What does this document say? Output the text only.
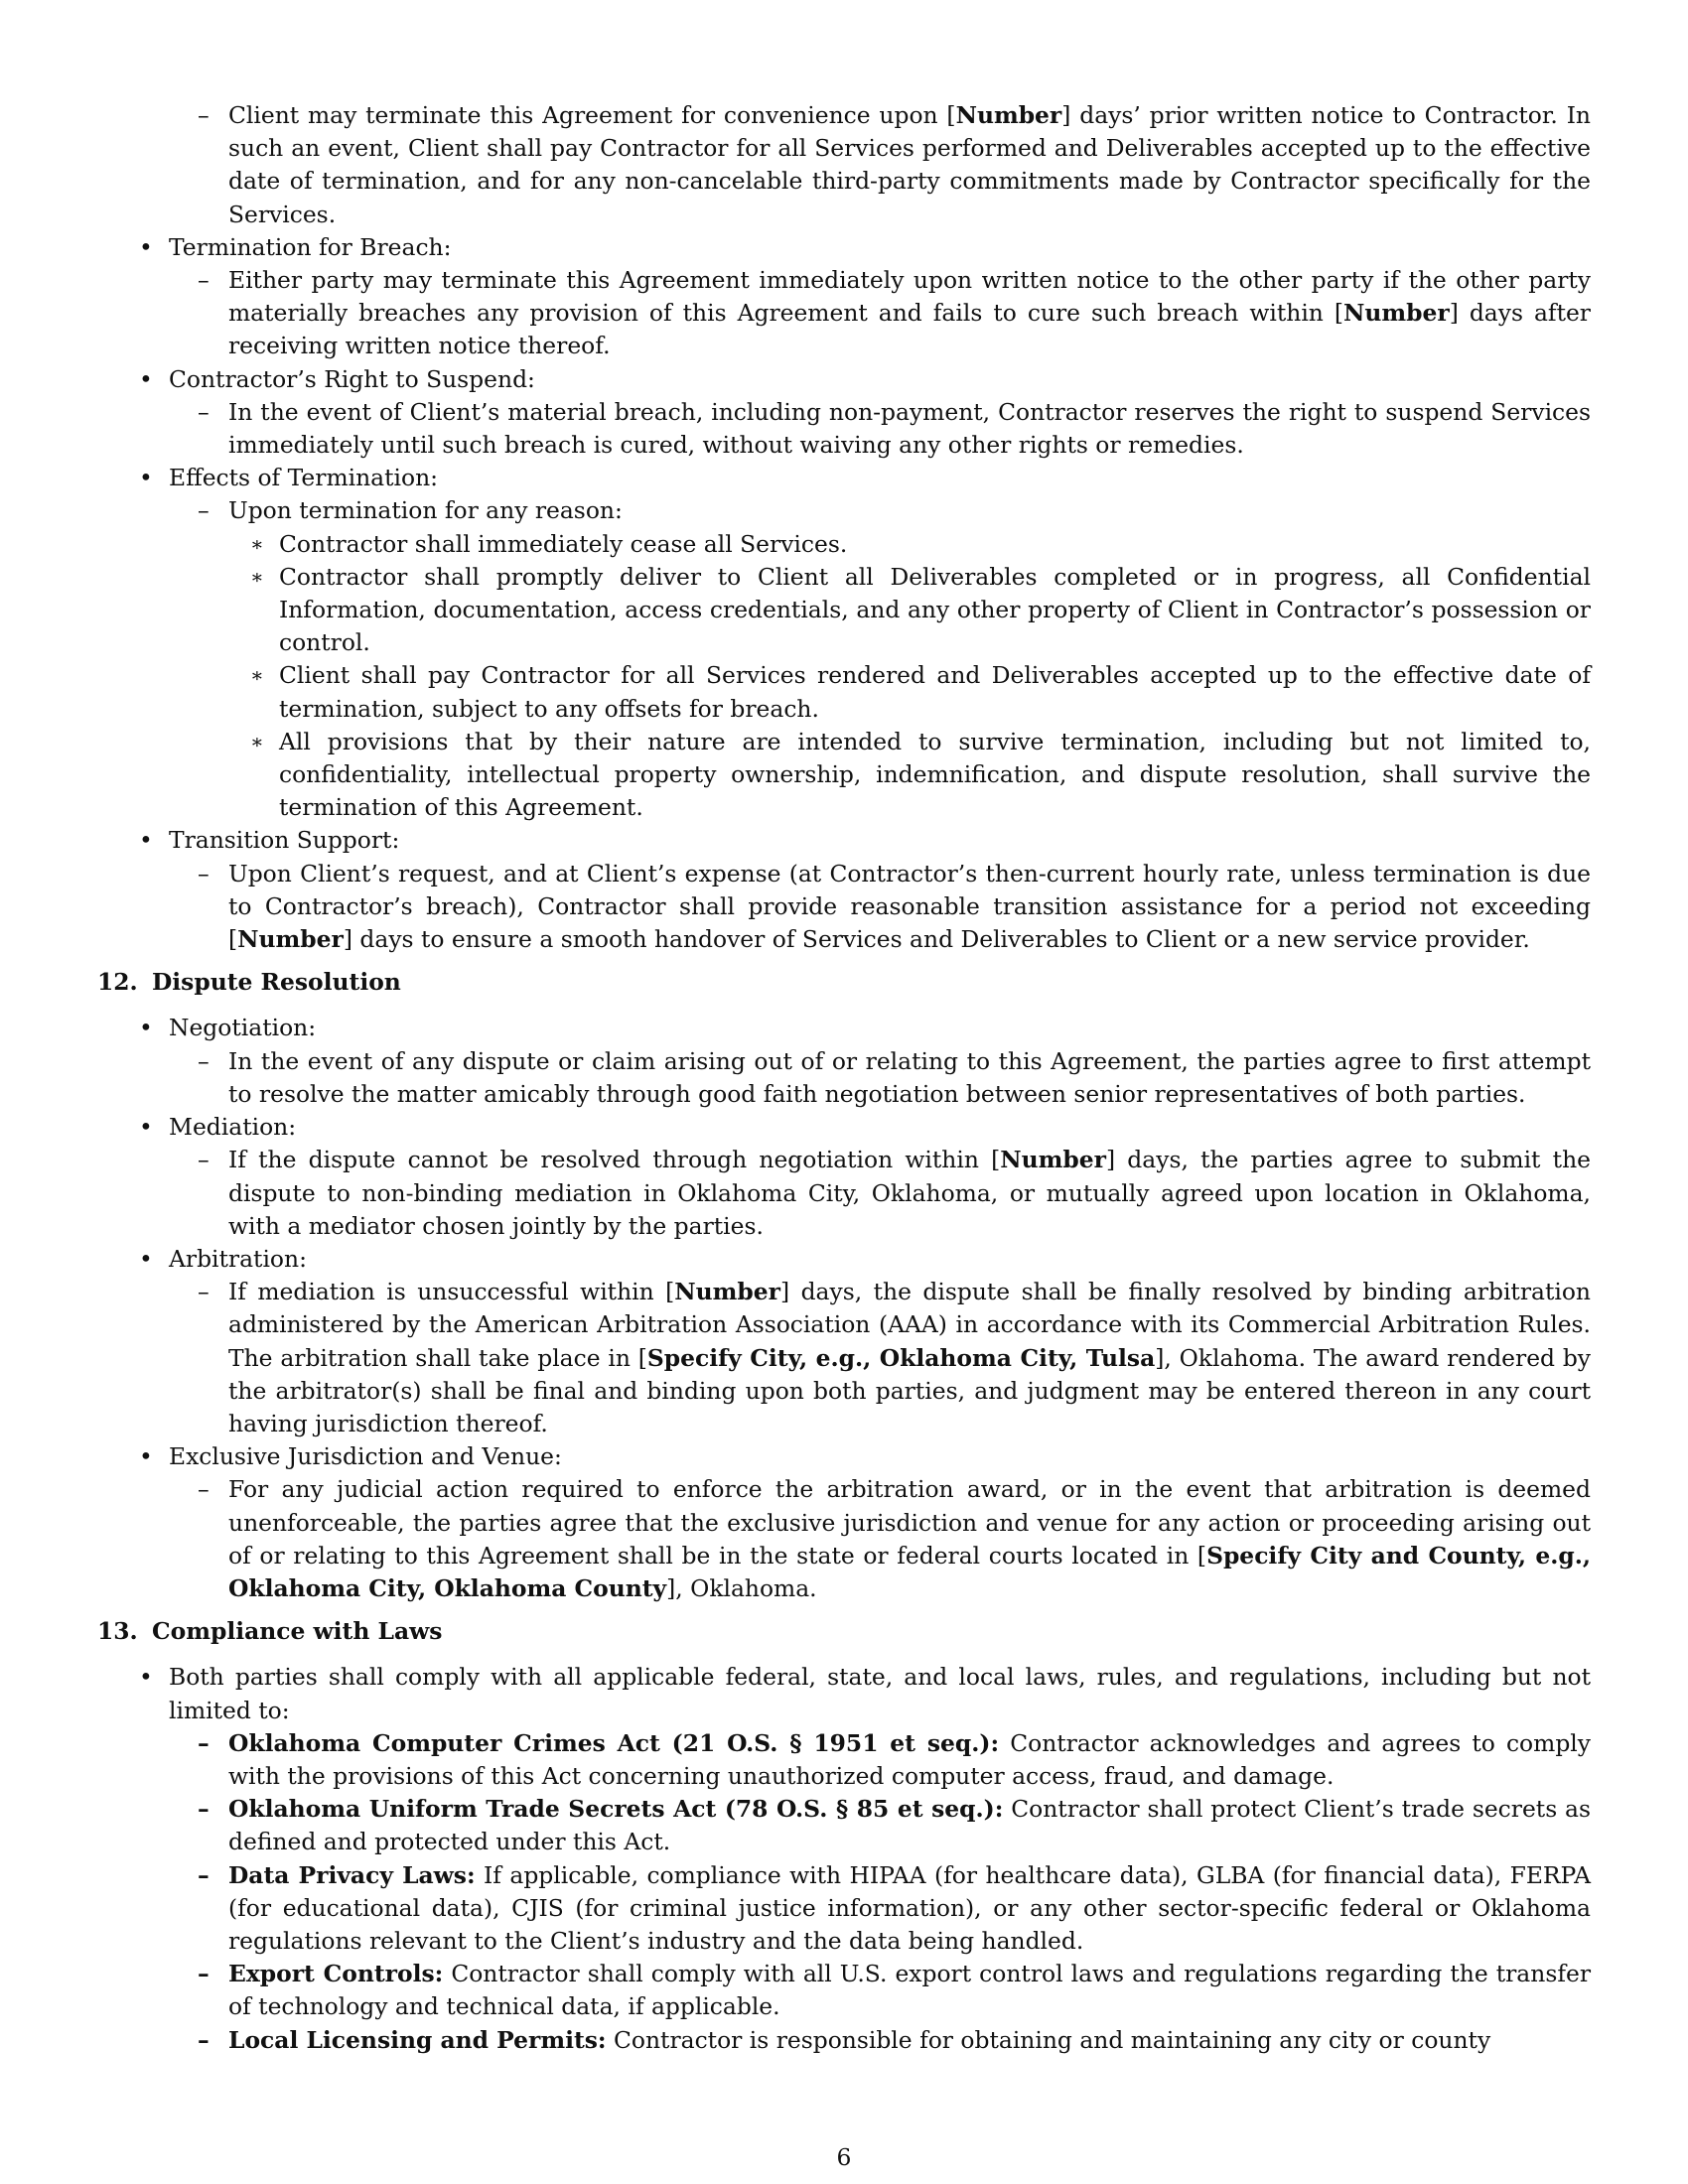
– Client may terminate this Agreement for convenience upon [Number] days’ prior written notice to Contractor. In such an event, Client shall pay Contractor for all Services performed and Deliverables accepted up to the effective date of termination, and for any non-cancelable third-party commitments made by Contractor specifically for the Services.
• Termination for Breach:
– Either party may terminate this Agreement immediately upon written notice to the other party if the other party materially breaches any provision of this Agreement and fails to cure such breach within [Number] days after receiving written notice thereof.
• Contractor’s Right to Suspend:
– In the event of Client’s material breach, including non-payment, Contractor reserves the right to suspend Services immediately until such breach is cured, without waiving any other rights or remedies.
• Effects of Termination:
– Upon termination for any reason:
∗ Contractor shall immediately cease all Services.
∗ Contractor shall promptly deliver to Client all Deliverables completed or in progress, all Confidential Information, documentation, access credentials, and any other property of Client in Contractor’s possession or control.
∗ Client shall pay Contractor for all Services rendered and Deliverables accepted up to the effective date of termination, subject to any offsets for breach.
∗ All provisions that by their nature are intended to survive termination, including but not limited to, confidentiality, intellectual property ownership, indemnification, and dispute resolution, shall survive the termination of this Agreement.
• Transition Support:
– Upon Client’s request, and at Client’s expense (at Contractor’s then-current hourly rate, unless termination is due to Contractor’s breach), Contractor shall provide reasonable transition assistance for a period not exceeding [Number] days to ensure a smooth handover of Services and Deliverables to Client or a new service provider.
12. Dispute Resolution
• Negotiation:
– In the event of any dispute or claim arising out of or relating to this Agreement, the parties agree to first attempt to resolve the matter amicably through good faith negotiation between senior representatives of both parties.
• Mediation:
– If the dispute cannot be resolved through negotiation within [Number] days, the parties agree to submit the dispute to non-binding mediation in Oklahoma City, Oklahoma, or mutually agreed upon location in Oklahoma, with a mediator chosen jointly by the parties.
• Arbitration:
– If mediation is unsuccessful within [Number] days, the dispute shall be finally resolved by binding arbitration administered by the American Arbitration Association (AAA) in accordance with its Commercial Arbitration Rules. The arbitration shall take place in [Specify City, e.g., Oklahoma City, Tulsa], Oklahoma. The award rendered by the arbitrator(s) shall be final and binding upon both parties, and judgment may be entered thereon in any court having jurisdiction thereof.
• Exclusive Jurisdiction and Venue:
– For any judicial action required to enforce the arbitration award, or in the event that arbitration is deemed unenforceable, the parties agree that the exclusive jurisdiction and venue for any action or proceeding arising out of or relating to this Agreement shall be in the state or federal courts located in [Specify City and County, e.g., Oklahoma City, Oklahoma County], Oklahoma.
13. Compliance with Laws
• Both parties shall comply with all applicable federal, state, and local laws, rules, and regulations, including but not limited to:
– Oklahoma Computer Crimes Act (21 O.S. § 1951 et seq.): Contractor acknowledges and agrees to comply with the provisions of this Act concerning unauthorized computer access, fraud, and damage.
– Oklahoma Uniform Trade Secrets Act (78 O.S. § 85 et seq.): Contractor shall protect Client’s trade secrets as defined and protected under this Act.
– Data Privacy Laws: If applicable, compliance with HIPAA (for healthcare data), GLBA (for financial data), FERPA (for educational data), CJIS (for criminal justice information), or any other sector-specific federal or Oklahoma regulations relevant to the Client’s industry and the data being handled.
– Export Controls: Contractor shall comply with all U.S. export control laws and regulations regarding the transfer of technology and technical data, if applicable.
– Local Licensing and Permits: Contractor is responsible for obtaining and maintaining any city or county
6
